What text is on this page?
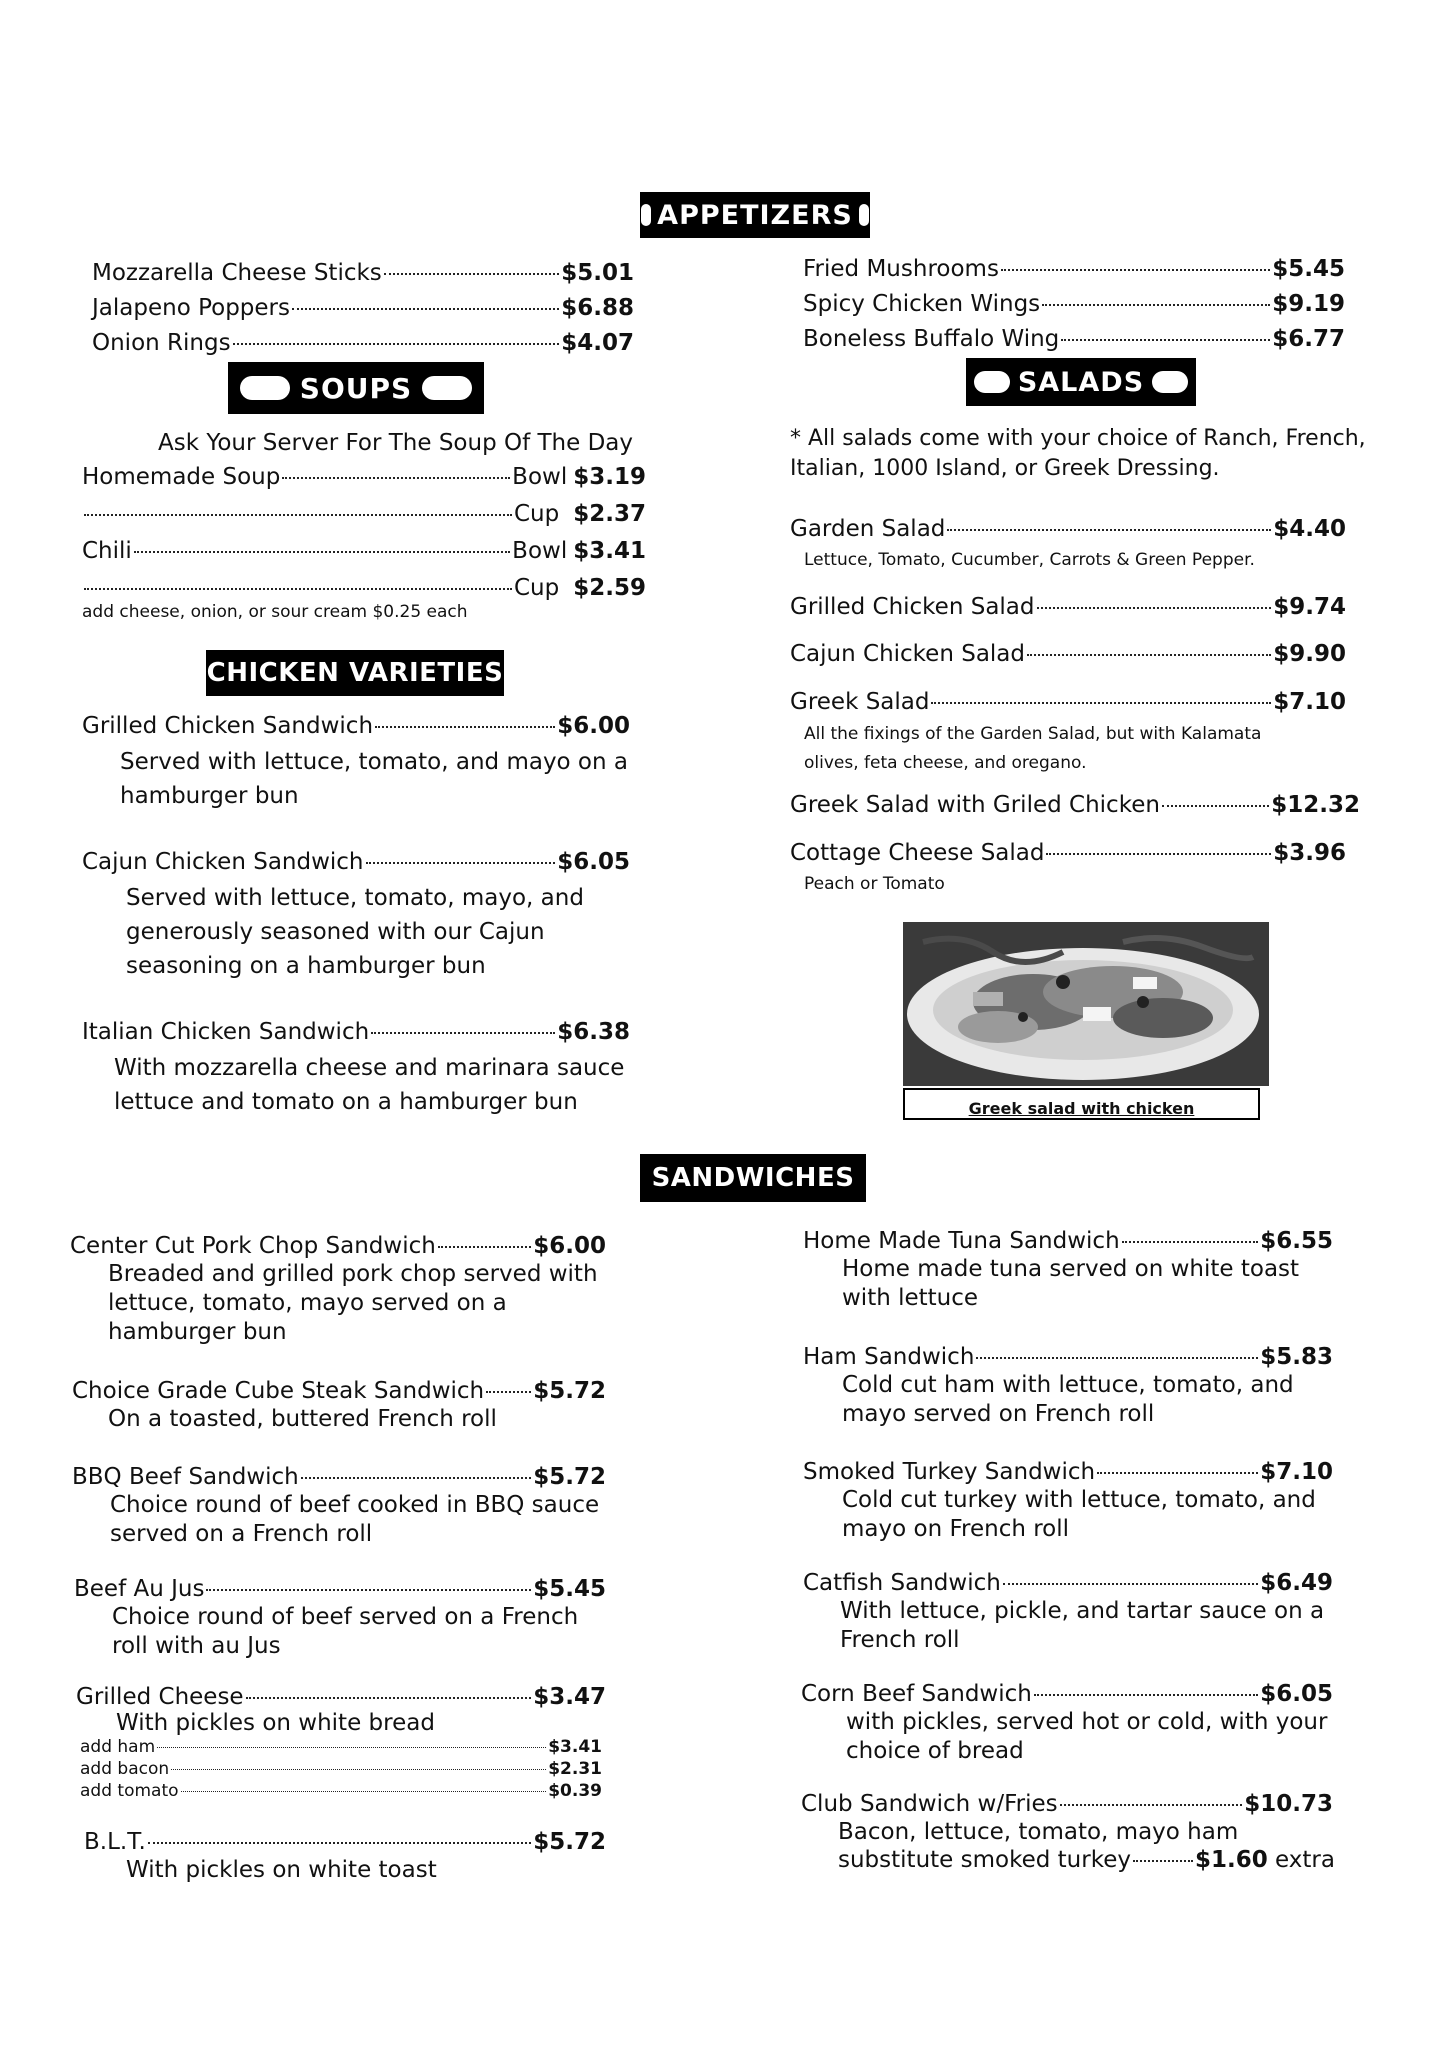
APPETIZERS
Mozzarella Cheese Sticks	$5.01
Jalapeno Poppers	$6.88
Onion Rings	$4.07
Fried Mushrooms	$5.45
Spicy Chicken Wings	$9.19
Boneless Buffalo Wing	$6.77
SOUPS
Ask Your Server For The Soup Of The Day
Homemade Soup	Bowl $3.19
Cup $2.37
Chili	Bowl $3.41
Cup $2.59
add cheese, onion, or sour cream $0.25 each
CHICKEN VARIETIES
Grilled Chicken Sandwich	$6.00
Served with lettuce, tomato, and mayo on a
hamburger bun
Cajun Chicken Sandwich	$6.05
Served with lettuce, tomato, mayo, and
generously seasoned with our Cajun
seasoning on a hamburger bun
Italian Chicken Sandwich	$6.38
With mozzarella cheese and marinara sauce
lettuce and tomato on a hamburger bun
SALADS
* All salads come with your choice of Ranch, French,
Italian, 1000 Island, or Greek Dressing.
Garden Salad	$4.40
Lettuce, Tomato, Cucumber, Carrots & Green Pepper.
Grilled Chicken Salad	$9.74
Cajun Chicken Salad	$9.90
Greek Salad	$7.10
All the fixings of the Garden Salad, but with Kalamata
olives, feta cheese, and oregano.
Greek Salad with Griled Chicken	$12.32
Cottage Cheese Salad	$3.96
Peach or Tomato
Greek salad with chicken
SANDWICHES
Center Cut Pork Chop Sandwich	$6.00
Breaded and grilled pork chop served with
lettuce, tomato, mayo served on a
hamburger bun
Choice Grade Cube Steak Sandwich $5.72
On a toasted, buttered French roll
BBQ Beef Sandwich	$5.72
Choice round of beef cooked in BBQ sauce
served on a French roll
Beef Au Jus	$5.45
Choice round of beef served on a French
roll with au Jus
Grilled Cheese	$3.47
With pickles on white bread
add ham	$3.41
add bacon	$2.31
add tomato	$0.39
B.L.T.	$5.72
With pickles on white toast
Home Made Tuna Sandwich	$6.55
Home made tuna served on white toast
with lettuce
Ham Sandwich	$5.83
Cold cut ham with lettuce, tomato, and
mayo served on French roll
Smoked Turkey Sandwich	$7.10
Cold cut turkey with lettuce, tomato, and
mayo on French roll
Catfish Sandwich	$6.49
With lettuce, pickle, and tartar sauce on a
French roll
Corn Beef Sandwich	$6.05
with pickles, served hot or cold, with your
choice of bread
Club Sandwich w/Fries	$10.73
Bacon, lettuce, tomato, mayo ham
substitute smoked turkey	$1.60 extra
